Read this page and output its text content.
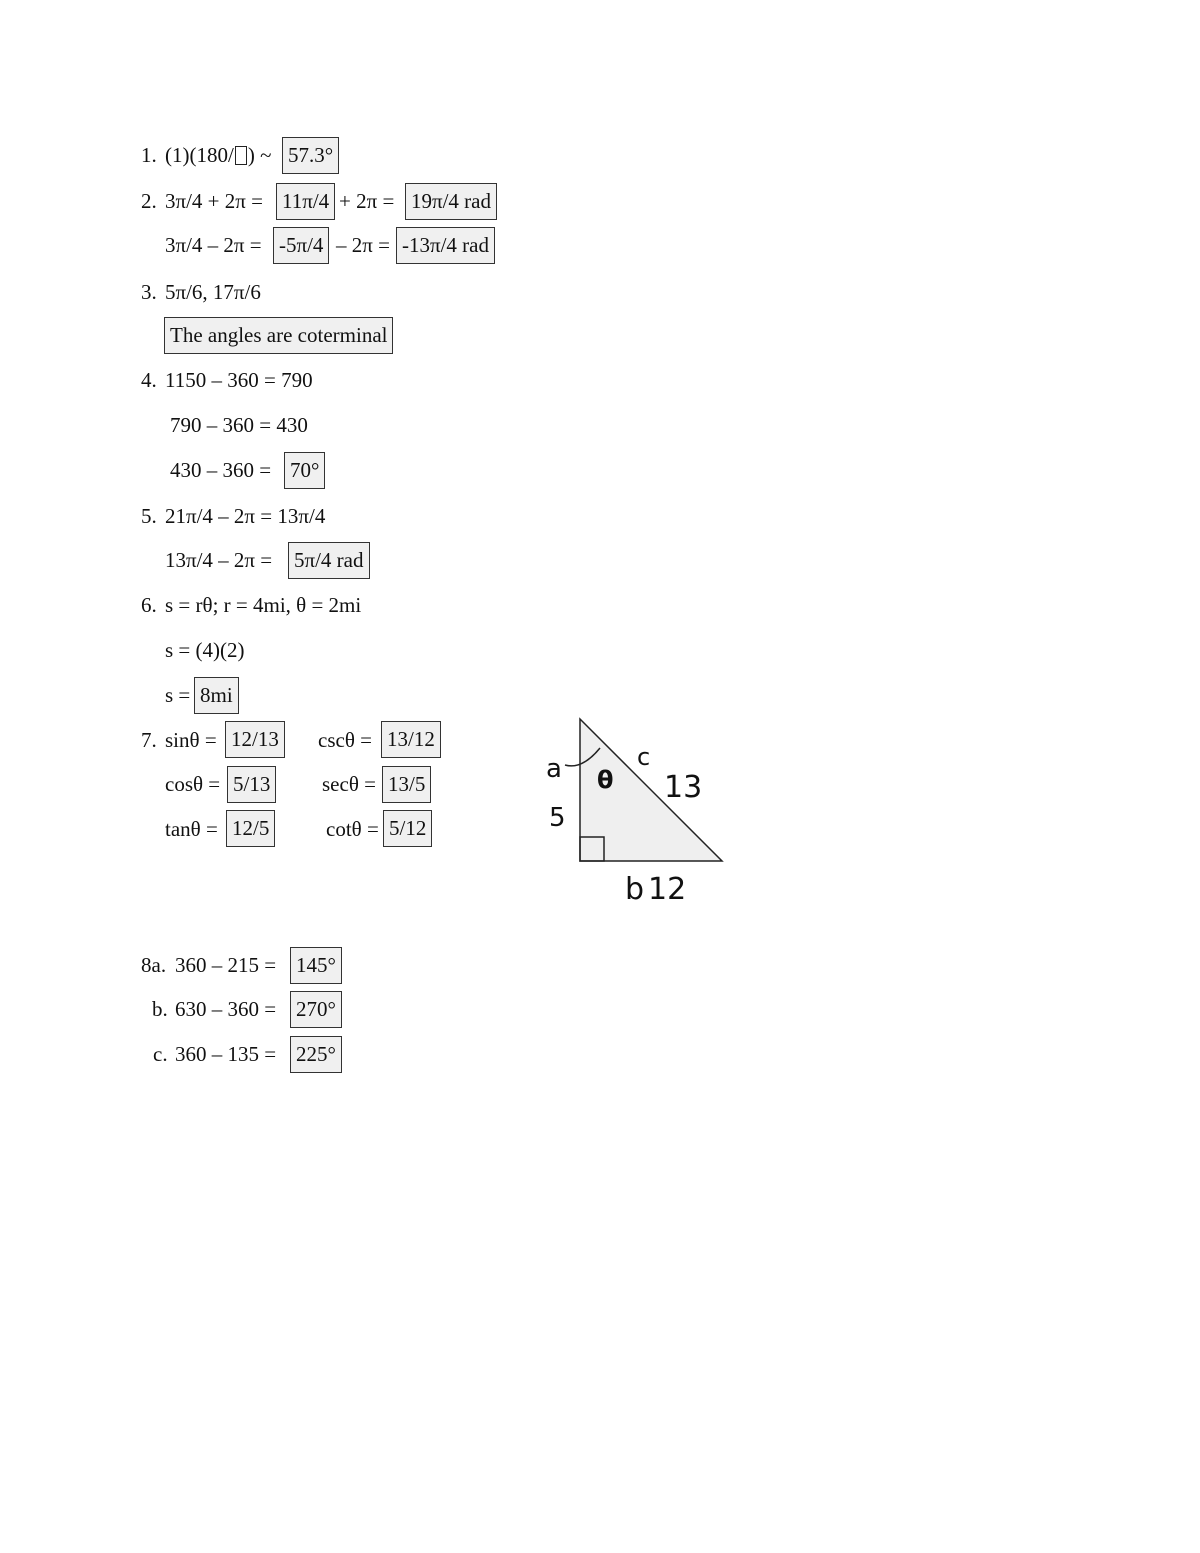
1. (1)(180/ ) ~ 57.3°
2. 3π/4 + 2π = 11π/4 + 2π = 19π/4 rad
3π/4 – 2π = -5π/4 – 2π = -13π/4 rad
3. 5π/6, 17π/6
The angles are coterminal
4. 1150 – 360 = 790
790 – 360 = 430
430 – 360 = 70°
5. 21π/4 – 2π = 13π/4
13π/4 – 2π = 5π/4 rad
6. s = rθ; r = 4mi, θ = 2mi
s = (4)(2)
s = 8mi
7. sinθ = 12/13 cscθ = 13/12
cosθ = 5/13 secθ = 13/5
tanθ = 12/5	cotθ = 5/12
a
5
θ
c
13
b 12
8a. 360 – 215 = 145°
b. 630 – 360 = 270°
c. 360 – 135 = 225°
